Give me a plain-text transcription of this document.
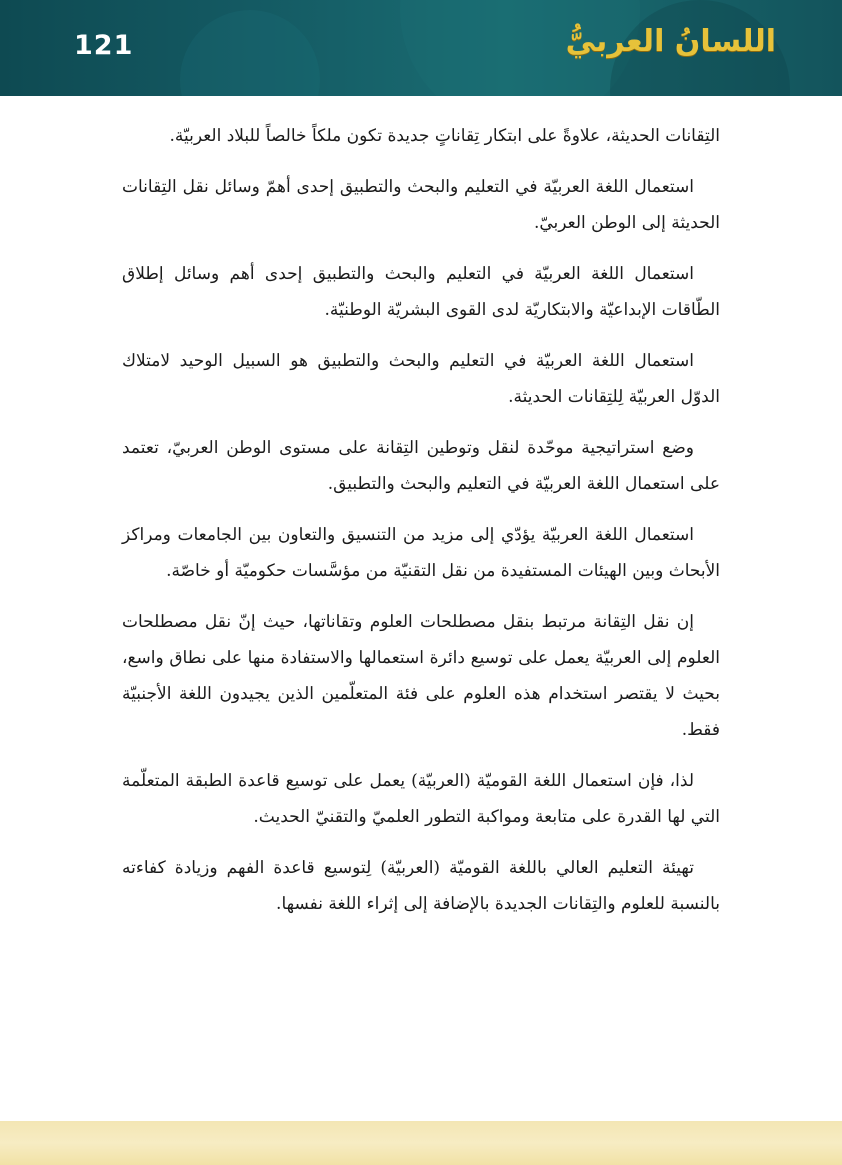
121	اللسانُ العربيُّ

التِقانات الحديثة، علاوةً على ابتكار تِقاناتٍ جديدة تكون ملكاً خالصاً للبلاد العربيّة.

استعمال اللغة العربيّة في التعليم والبحث والتطبيق إحدى أهمّ وسائل نقل التِقانات الحديثة إلى الوطن العربيّ.

استعمال اللغة العربيّة في التعليم والبحث والتطبيق إحدى أهم وسائل إطلاق الطّاقات الإبداعيّة والابتكاريّة لدى القوى البشريّة الوطنيّة.

استعمال اللغة العربيّة في التعليم والبحث والتطبيق هو السبيل الوحيد لامتلاك الدوّل العربيّة لِلتِقانات الحديثة.

وضع استراتيجية موحّدة لنقل وتوطين التِقانة على مستوى الوطن العربيّ، تعتمد على استعمال اللغة العربيّة في التعليم والبحث والتطبيق.

استعمال اللغة العربيّة يؤدّي إلى مزيد من التنسيق والتعاون بين الجامعات ومراكز الأبحاث وبين الهيئات المستفيدة من نقل التقنيّة من مؤسَّسات حكوميّة أو خاصّة.

إن نقل التِقانة مرتبط بنقل مصطلحات العلوم وتقاناتها، حيث إنّ نقل مصطلحات العلوم إلى العربيّة يعمل على توسيع دائرة استعمالها والاستفادة منها على نطاق واسع، بحيث لا يقتصر استخدام هذه العلوم على فئة المتعلّمين الذين يجيدون اللغة الأجنبيّة فقط.

لذا، فإن استعمال اللغة القوميّة (العربيّة) يعمل على توسيع قاعدة الطبقة المتعلّمة التي لها القدرة على متابعة ومواكبة التطور العلميّ والتقنيّ الحديث.

تهيئة التعليم العالي باللغة القوميّة (العربيّة) لِتوسيع قاعدة الفهم وزيادة كفاءته بالنسبة للعلوم والتِقانات الجديدة بالإضافة إلى إثراء اللغة نفسها.
